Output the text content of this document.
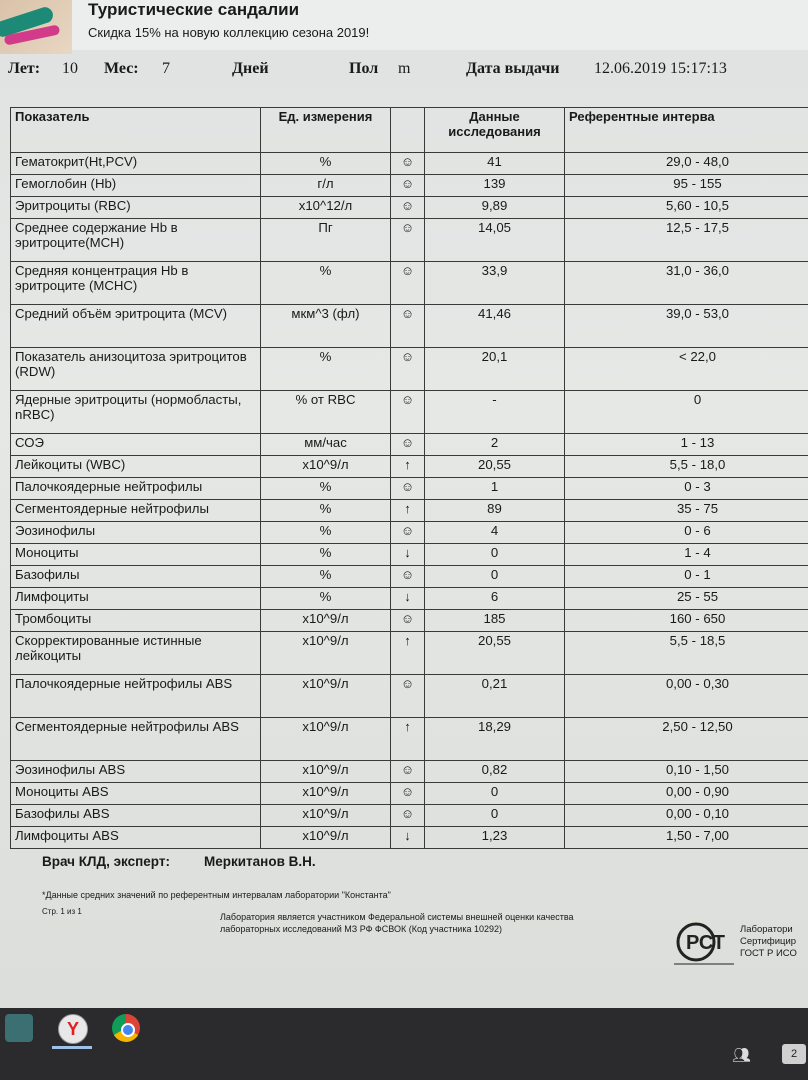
Туристические сандалии
Скидка 15% на новую коллекцию сезона 2019!
Лет: 10 Мес: 7	Дней	Пол m	Дата выдачи 12.06.2019 15:17:13
Показатель	Ед. измерения		Данные исследования	Референтные интерва
Гематокрит(Ht,PCV)	%	☺	41	29,0 - 48,0
Гемоглобин (Hb)	г/л	☺	139	95 - 155
Эритроциты (RBC)	x10^12/л	☺	9,89	5,60 - 10,5
Среднее содержание Hb в эритроците(MCH)	Пг	☺	14,05	12,5 - 17,5
Средняя концентрация Hb в эритроците (MCHC)	%	☺	33,9	31,0 - 36,0
Средний объём эритроцита (MCV)	мкм^3 (фл)	☺	41,46	39,0 - 53,0
Показатель анизоцитоза эритроцитов (RDW)	%	☺	20,1	< 22,0
Ядерные эритроциты (нормобласты, nRBC)	% от RBC	☺	-	0
СОЭ	мм/час	☺	2	1 - 13
Лейкоциты (WBC)	x10^9/л	↑	20,55	5,5 - 18,0
Палочкоядерные нейтрофилы	%	☺	1	0 - 3
Сегментоядерные нейтрофилы	%	↑	89	35 - 75
Эозинофилы	%	☺	4	0 - 6
Моноциты	%	↓	0	1 - 4
Базофилы	%	☺	0	0 - 1
Лимфоциты	%	↓	6	25 - 55
Тромбоциты	x10^9/л	☺	185	160 - 650
Скорректированные истинные лейкоциты	x10^9/л	↑	20,55	5,5 - 18,5
Палочкоядерные нейтрофилы ABS	x10^9/л	☺	0,21	0,00 - 0,30
Сегментоядерные нейтрофилы ABS	x10^9/л	↑	18,29	2,50 - 12,50
Эозинофилы ABS	x10^9/л	☺	0,82	0,10 - 1,50
Моноциты ABS	x10^9/л	☺	0	0,00 - 0,90
Базофилы ABS	x10^9/л	☺	0	0,00 - 0,10
Лимфоциты ABS	x10^9/л	↓	1,23	1,50 - 7,00
Врач КЛД, эксперт:	Меркитанов В.Н.
*Данные средних значений по референтным интервалам лаборатории "Константа"
Стр. 1 из 1
Лаборатория является участником Федеральной системы внешней оценки качества
лабораторных исследований МЗ РФ ФСВОК (Код участника 10292)
РСТ
Лаборатори
Сертифицир
ГОСТ Р ИСО
Y
👥︎	2
